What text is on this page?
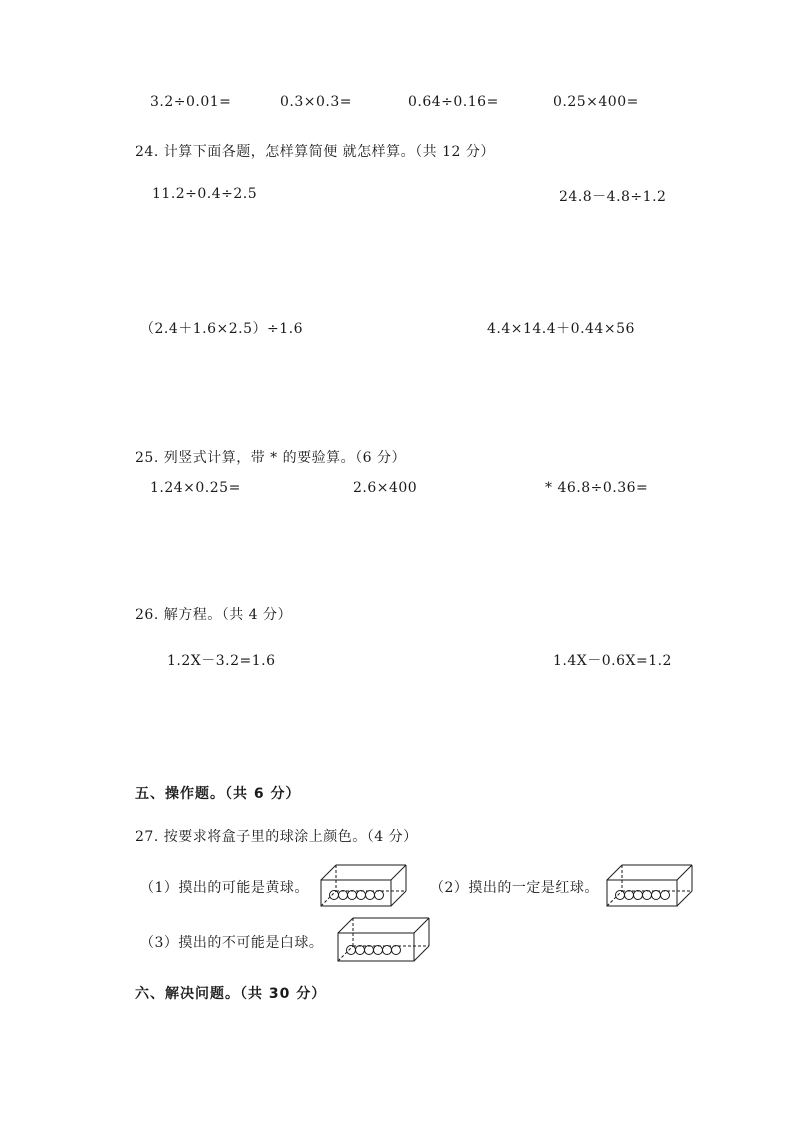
3.2÷0.01=	0.3×0.3=	0.64÷0.16=	0.25×400=
24. 计算下面各题，怎样算简便 就怎样算。（共 12 分）
11.2÷0.4÷2.5	24.8－4.8÷1.2
（2.4＋1.6×2.5）÷1.6	4.4×14.4＋0.44×56
25. 列竖式计算，带 * 的要验算。（6 分）
1.24×0.25=	2.6×400	* 46.8÷0.36=
26. 解方程。（共 4 分）
1.2X－3.2=1.6	1.4X－0.6X=1.2
五、操作题。（共 6 分）
27. 按要求将盒子里的球涂上颜色。（4 分）
（1）摸出的可能是黄球。	（2）摸出的一定是红球。
（3）摸出的不可能是白球。
六、解决问题。（共 30 分）
